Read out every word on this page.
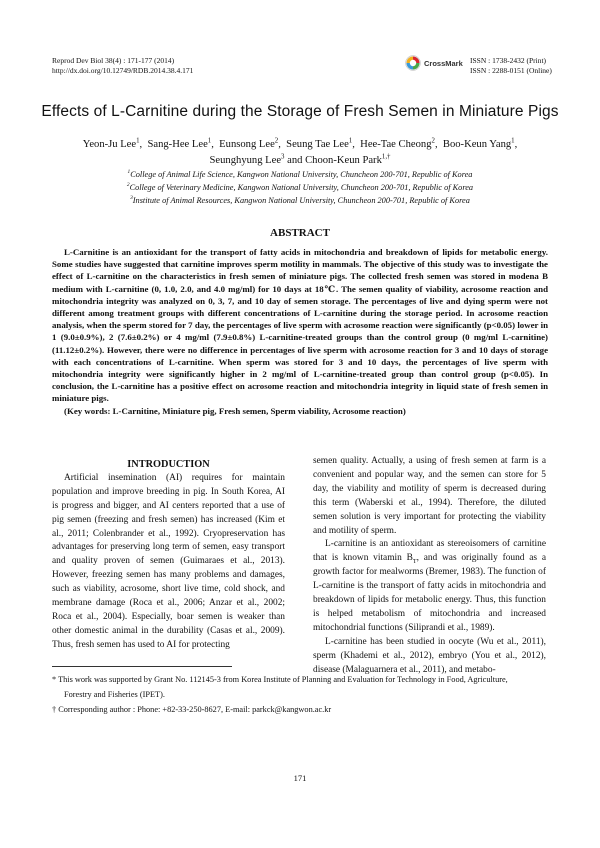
Reprod Dev Biol 38(4) : 171-177 (2014)
http://dx.doi.org/10.12749/RDB.2014.38.4.171
CrossMark ISSN : 1738-2432 (Print)
ISSN : 2288-0151 (Online)
Effects of L-Carnitine during the Storage of Fresh Semen in Miniature Pigs
Yeon-Ju Lee$^1$,  Sang-Hee Lee$^1$,  Eunsong Lee$^2$,  Seung Tae Lee$^1$,  Hee-Tae Cheong$^2$,  Boo-Keun Yang$^1$,
Seunghyung Lee$^3$ and Choon-Keun Park$^{1,\dagger}$
$^1$College of Animal Life Science, Kangwon National University, Chuncheon 200-701, Republic of Korea
$^2$College of Veterinary Medicine, Kangwon National University, Chuncheon 200-701, Republic of Korea
$^3$Institute of Animal Resources, Kangwon National University, Chuncheon 200-701, Republic of Korea
ABSTRACT

L-Carnitine is an antioxidant for the transport of fatty acids in mitochondria and breakdown of lipids for metabolic energy. Some studies have suggested that carnitine improves sperm motility in mammals. The objective of this study was to investigate the effect of L-carnitine on the characteristics in fresh semen of miniature pigs. The collected fresh semen was stored in modena B medium with L-carnitine (0, 1.0, 2.0, and 4.0 mg/ml) for 10 days at 18℃. The semen quality of viability, acrosome reaction and mitochondria integrity was analyzed on 0, 3, 7, and 10 day of semen storage. The percentages of live and dying sperm were not different among treatment groups with different concentrations of L-carnitine during the storage period. In acrosome reaction analysis, when the sperm stored for 7 day, the percentages of live sperm with acrosome reaction were significantly (p<0.05) lower in 1 (9.0±0.9%), 2 (7.6±0.2%) or 4 mg/ml (7.9±0.8%) L-carnitine-treated groups than the control group (0 mg/ml L-carnitine) (11.12±0.2%). However, there were no difference in percentages of live sperm with acrosome reaction for 3 and 10 days of storage with each concentrations of L-carnitine. When sperm was stored for 3 and 10 days, the percentages of live sperm with mitochondria integrity were significantly higher in 2 mg/ml of L-carnitine-treated group than control group (p<0.05). In conclusion, the L-carnitine has a positive effect on acrosome reaction and mitochondria integrity in liquid state of fresh semen in miniature pigs.

(Key words: L-Carnitine, Miniature pig, Fresh semen, Sperm viability, Acrosome reaction)

INTRODUCTION

Artificial insemination (AI) requires for maintain population and improve breeding in pig. In South Korea, AI is progress and bigger, and AI centers reported that a use of pig semen (freezing and fresh semen) has increased (Kim et al., 2011; Colenbrander et al., 1992). Cryopreservation has advantages for preserving long term of semen, easy transport and quality proven of semen (Guimaraes et al., 2013). However, freezing semen has many problems and damages, such as viability, acrosome, short live time, cold shock, and membrane damage (Roca et al., 2006; Anzar et al., 2002; Roca et al., 2004). Especially, boar semen is weaker than other domestic animal in the durability (Casas et al., 2009). Thus, fresh semen has used to AI for protecting

semen quality. Actually, a using of fresh semen at farm is a convenient and popular way, and the semen can store for 5 day, the viability and motility of sperm is decreased during this term (Waberski et al., 1994). Therefore, the diluted semen solution is very important for protecting the viability and motility of sperm.

L-carnitine is an antioxidant as stereoisomers of carnitine that is known vitamin $B_T$, and was originally found as a growth factor for mealworms (Bremer, 1983). The function of L-carnitine is the transport of fatty acids in mitochondria and breakdown of lipids for metabolic energy. Thus, this function is helped metabolism of mitochondria and increased mitochondrial functions (Siliprandi et al., 1989).

L-carnitine has been studied in oocyte (Wu et al., 2011), sperm (Khademi et al., 2012), embryo (You et al., 2012), disease (Malaguarnera et al., 2011), and metabo-

* This work was supported by Grant No. 112145-3 from Korea Institute of Planning and Evaluation for Technology in Food, Agriculture,
Forestry and Fisheries (IPET).
† Corresponding author : Phone: +82-33-250-8627, E-mail: parkck@kangwon.ac.kr
171
